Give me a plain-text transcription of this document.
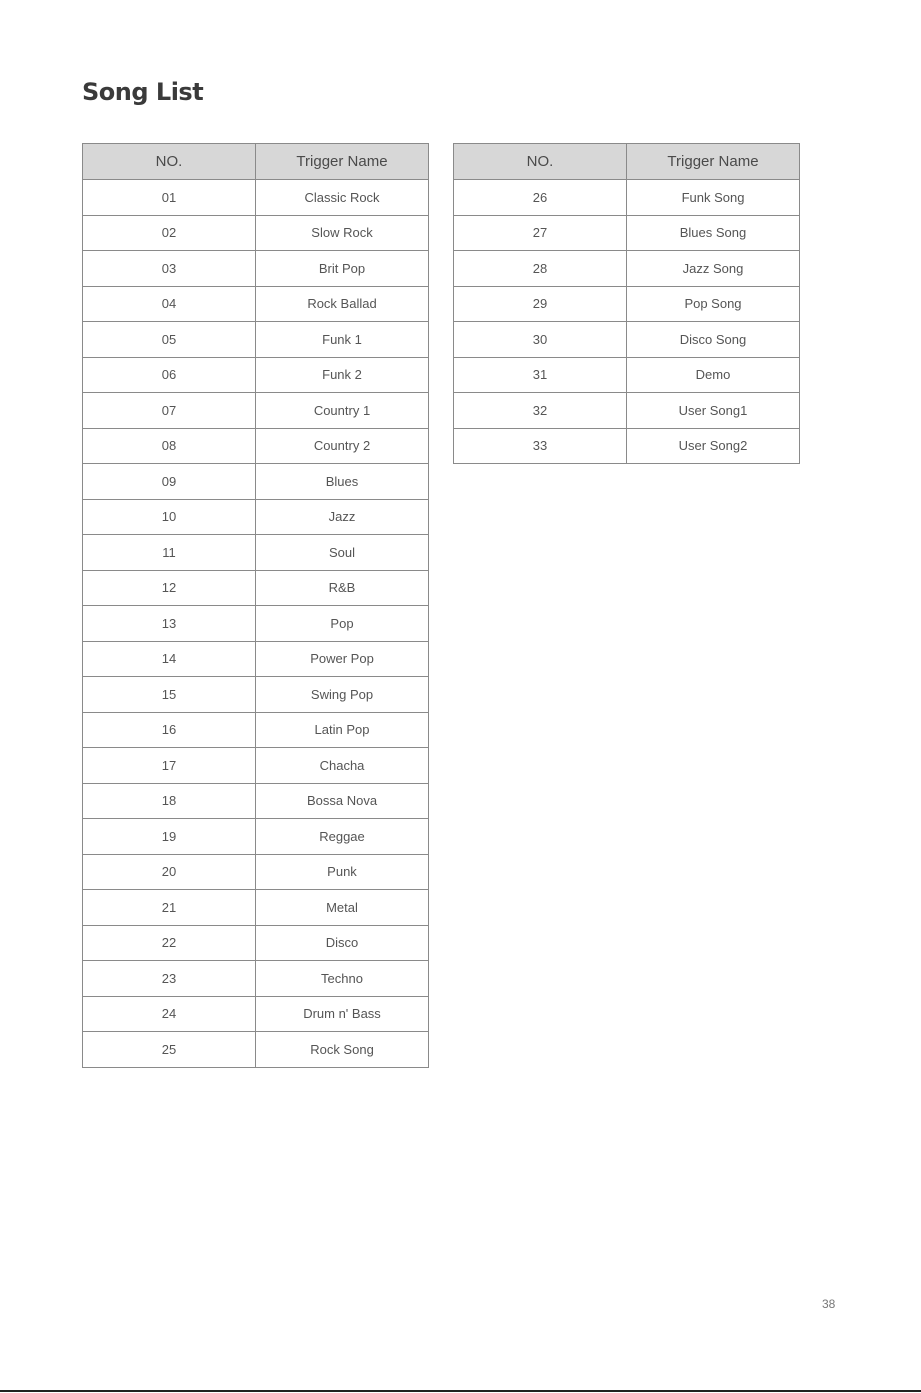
Song List
NO.	Trigger Name
01	Classic Rock
02	Slow Rock
03	Brit Pop
04	Rock Ballad
05	Funk 1
06	Funk 2
07	Country 1
08	Country 2
09	Blues
10	Jazz
11	Soul
12	R&B
13	Pop
14	Power Pop
15	Swing Pop
16	Latin Pop
17	Chacha
18	Bossa Nova
19	Reggae
20	Punk
21	Metal
22	Disco
23	Techno
24	Drum n' Bass
25	Rock Song
NO.	Trigger Name
26	Funk Song
27	Blues Song
28	Jazz Song
29	Pop Song
30	Disco Song
31	Demo
32	User Song1
33	User Song2
38
